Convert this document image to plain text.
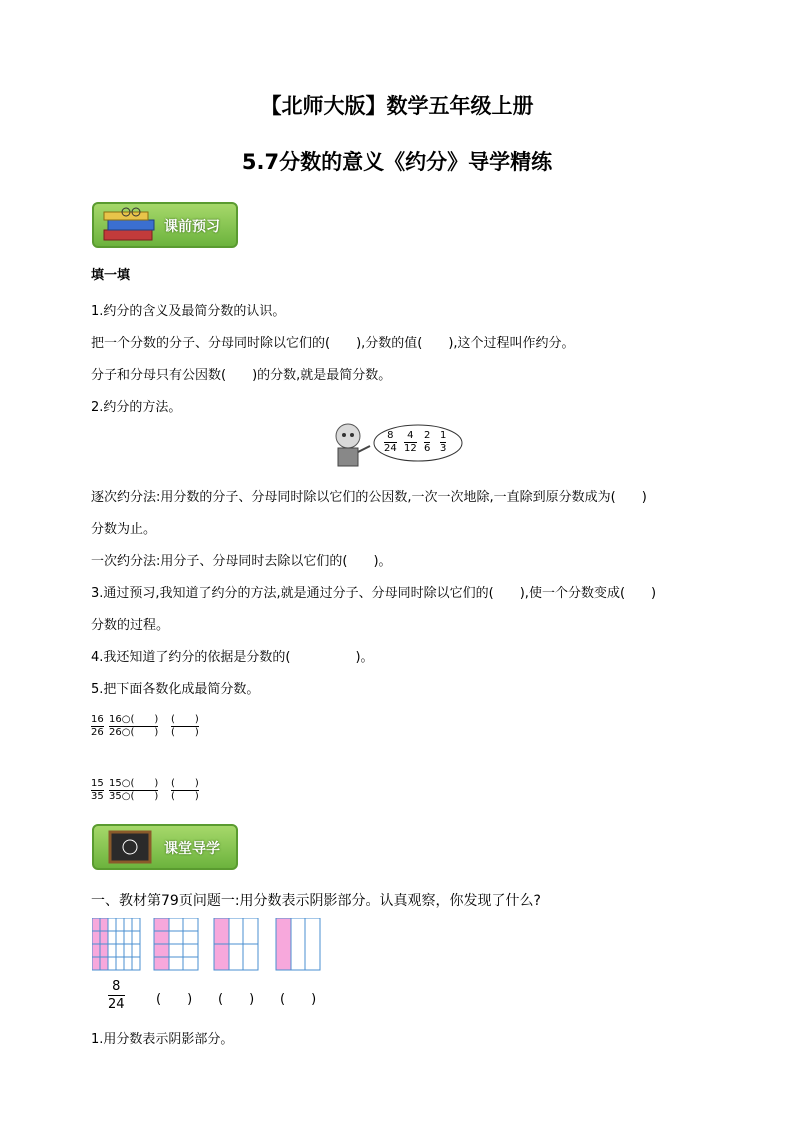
【北师大版】数学五年级上册
5.7分数的意义《约分》导学精练
课前预习
填一填
1.约分的含义及最简分数的认识。
把一个分数的分子、分母同时除以它们的(　　),分数的值(　　),这个过程叫作约分。
分子和分母只有公因数(　　)的分数,就是最简分数。
2.约分的方法。
$\frac{8}{24} \frac{4}{12} \frac{2}{6} \frac{1}{3}$
逐次约分法:用分数的分子、分母同时除以它们的公因数,一次一次地除,一直除到原分数成为(　　)
分数为止。
一次约分法:用分子、分母同时去除以它们的(　　)。
3.通过预习,我知道了约分的方法,就是通过分子、分母同时除以它们的(　　),使一个分数变成(　　)
分数的过程。
4.我还知道了约分的依据是分数的(　　　　　)。
5.把下面各数化成最简分数。
$\frac{16}{26} \frac{16○( )}{26○( )}$ (　　)
(　　)
$\frac{15}{35} \frac{15○( )}{35○( )}$ (　　)
(　　)
课堂导学
一、教材第79页问题一:用分数表示阴影部分。认真观察，你发现了什么?
$\frac{8}{24}$ (　　) (　　) (　　)
1.用分数表示阴影部分。
